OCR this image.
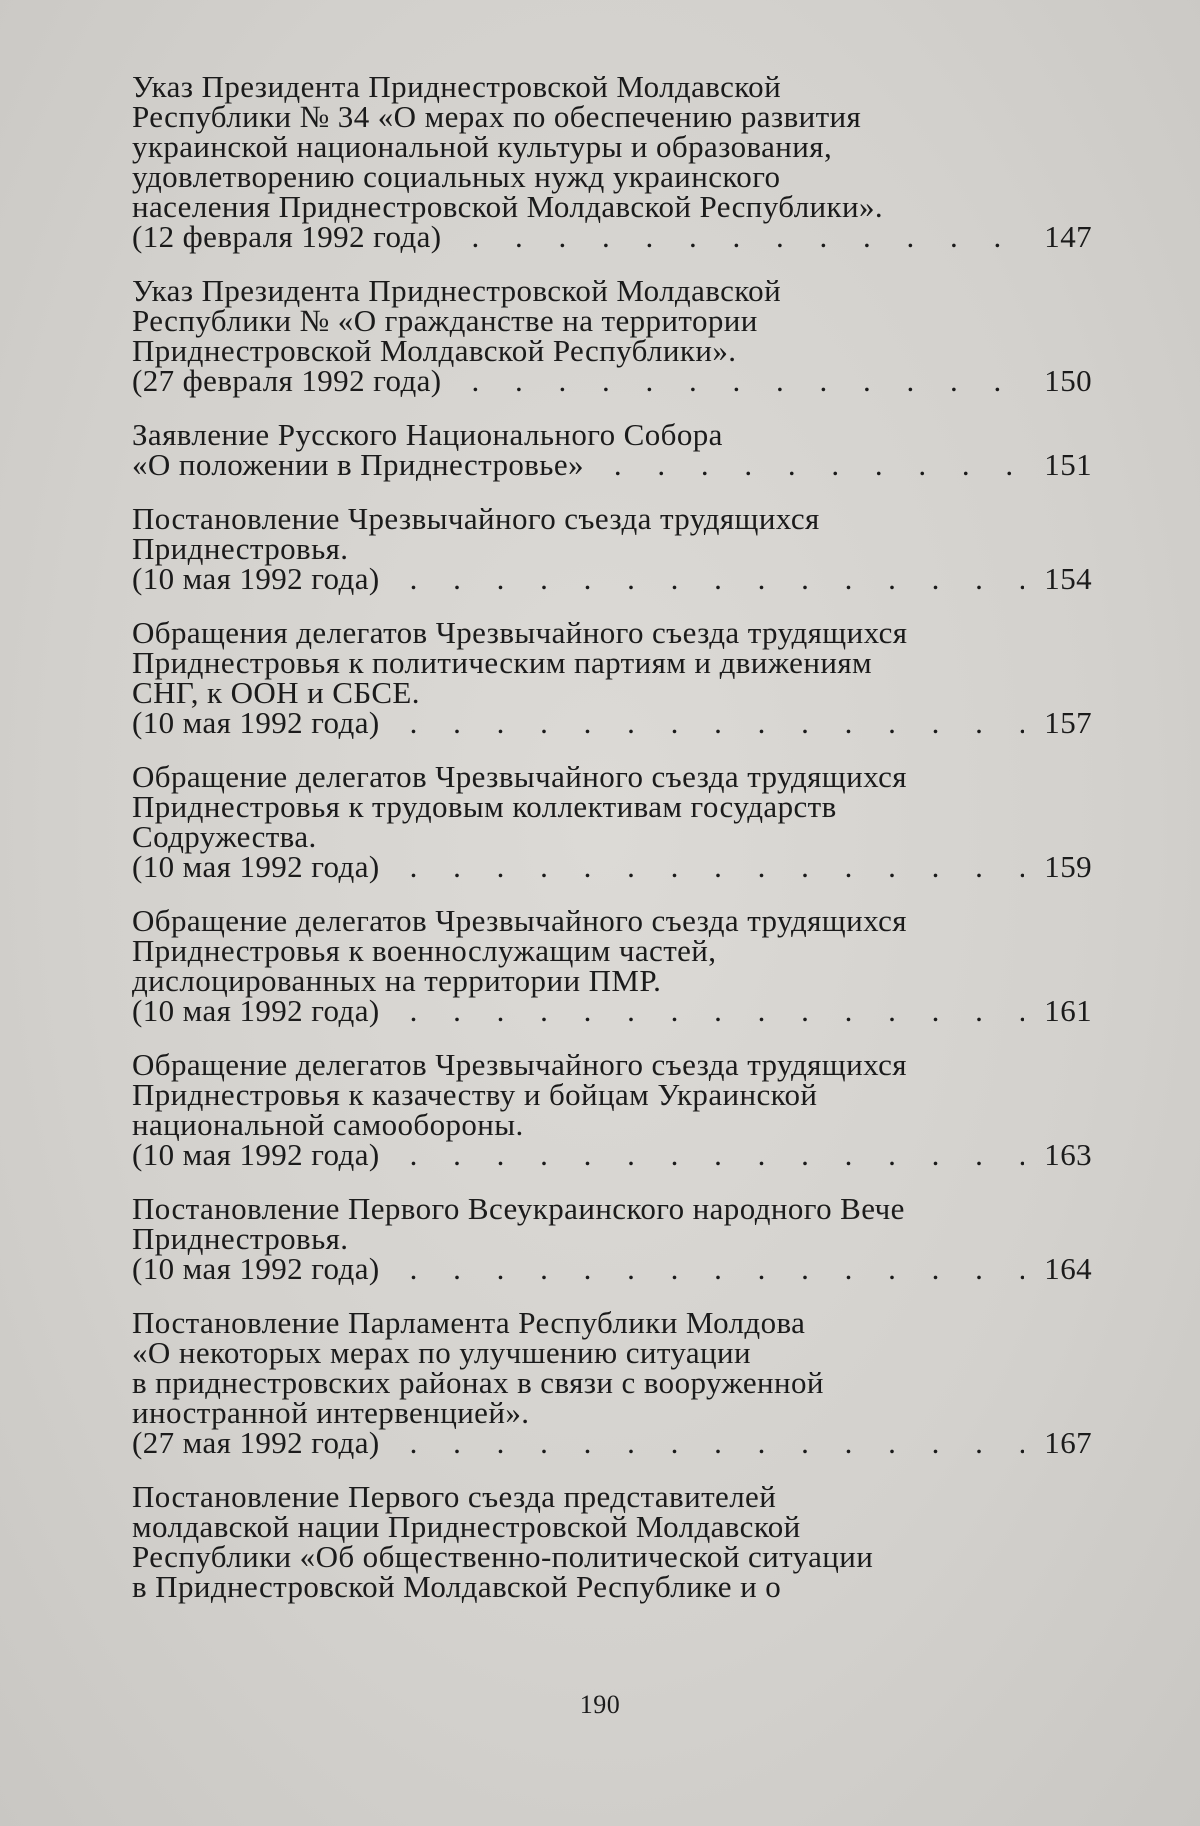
Указ Президента Приднестровской Молдавской
Республики № 34 «О мерах по обеспечению развития
украинской национальной культуры и образования,
удовлетворению социальных нужд украинского
населения Приднестровской Молдавской Республики».
(12 февраля 1992 года) . . .	147
Указ Президента Приднестровской Молдавской
Республики № «О гражданстве на территории
Приднестровской Молдавской Республики».
(27 февраля 1992 года) . . .	150
Заявление Русского Национального Собора
«О положении в Приднестровье» . . .	151
Постановление Чрезвычайного съезда трудящихся
Приднестровья.
(10 мая 1992 года) . . .	154
Обращения делегатов Чрезвычайного съезда трудящихся
Приднестровья к политическим партиям и движениям
СНГ, к ООН и СБСЕ.
(10 мая 1992 года) . . .	157
Обращение делегатов Чрезвычайного съезда трудящихся
Приднестровья к трудовым коллективам государств
Содружества.
(10 мая 1992 года) . . .	159
Обращение делегатов Чрезвычайного съезда трудящихся
Приднестровья к военнослужащим частей,
дислоцированных на территории ПМР.
(10 мая 1992 года) . . .	161
Обращение делегатов Чрезвычайного съезда трудящихся
Приднестровья к казачеству и бойцам Украинской
национальной самообороны.
(10 мая 1992 года) . . .	163
Постановление Первого Всеукраинского народного Вече
Приднестровья.
(10 мая 1992 года) . . .	164
Постановление Парламента Республики Молдова
«О некоторых мерах по улучшению ситуации
в приднестровских районах в связи с вооруженной
иностранной интервенцией».
(27 мая 1992 года) . . .	167
Постановление Первого съезда представителей
молдавской нации Приднестровской Молдавской
Республики «Об общественно-политической ситуации
в Приднестровской Молдавской Республике и о
190
